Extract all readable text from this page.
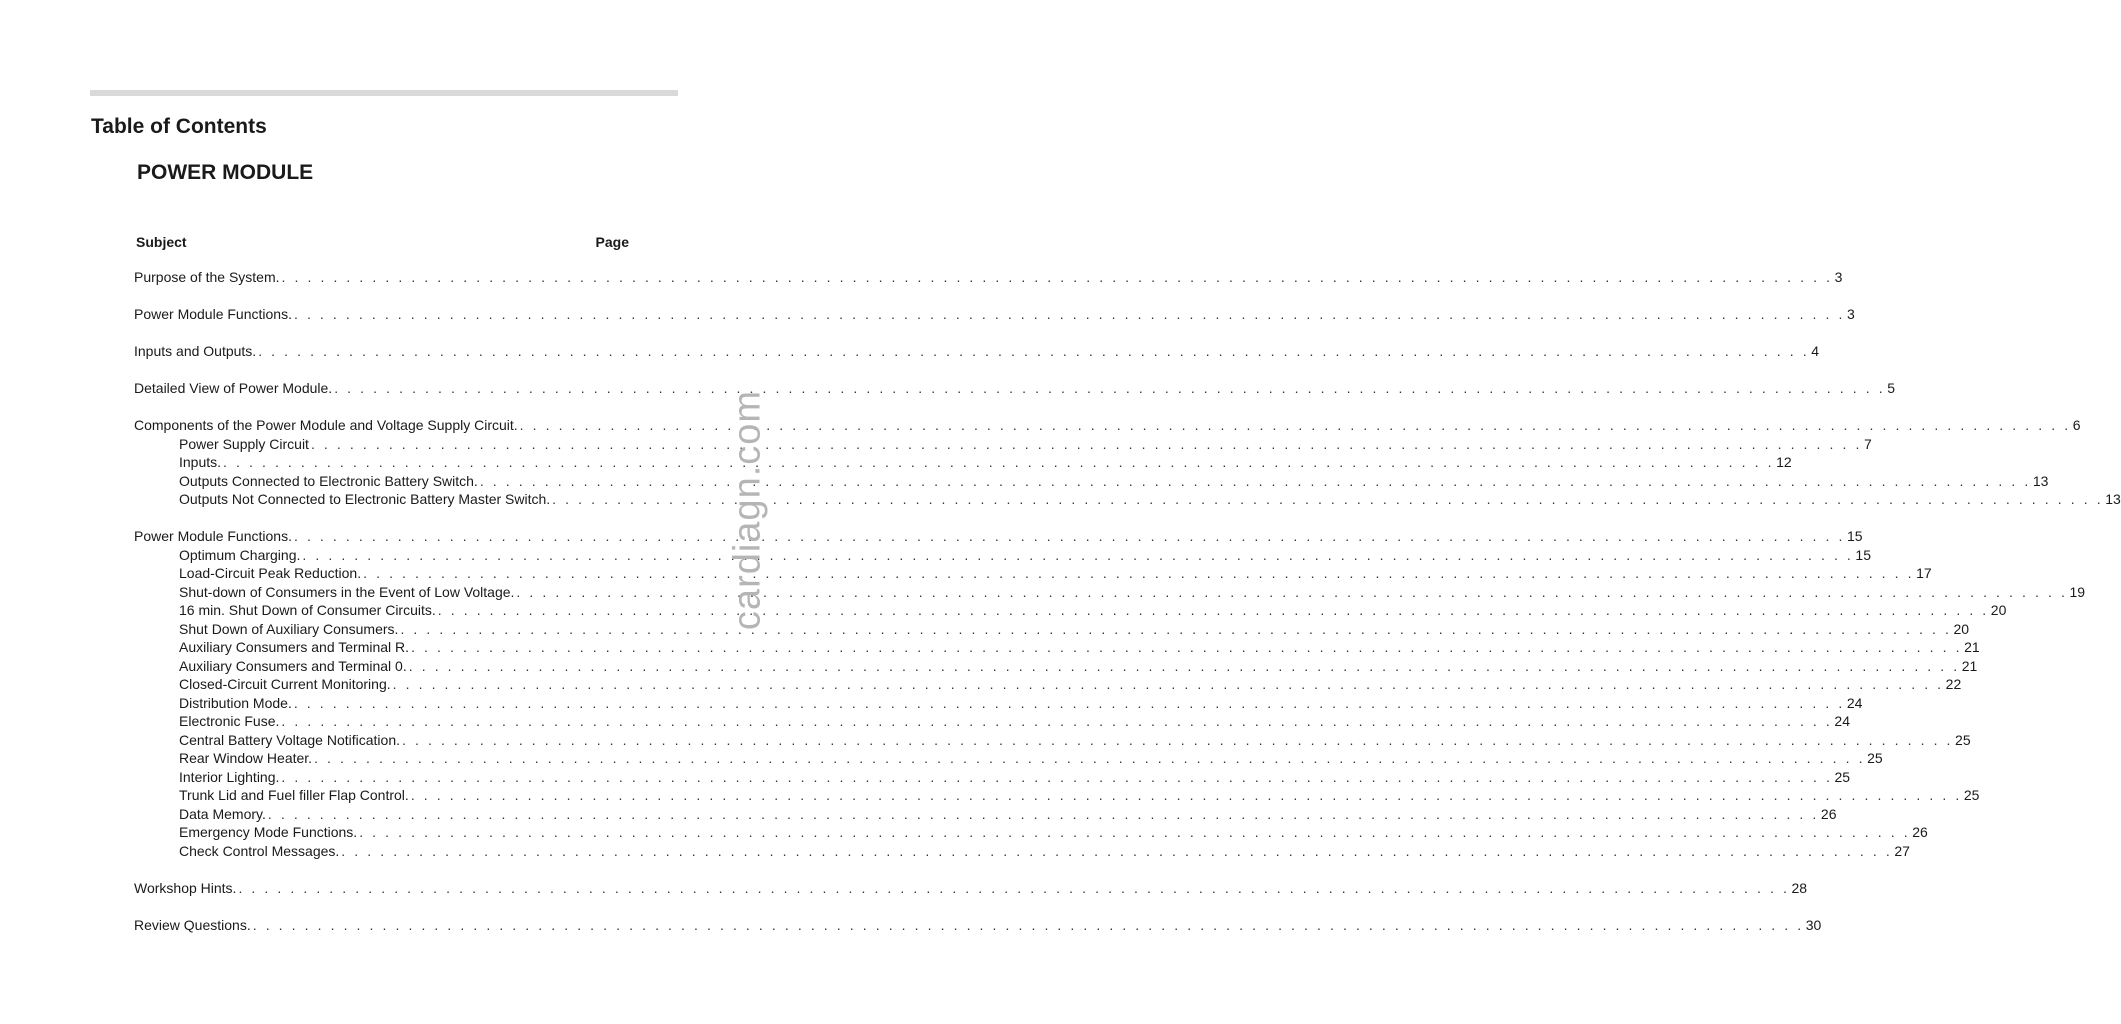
Table of Contents
POWER MODULE
Subject	Page
Purpose of the System. . . . . . . . . . . . . . . . . . . . . . . . . . . . . . . . . . . . . . . . . . . . . . . . . . . . . . . . . . . . . . . . . . . . . . . . . . . . . . . . . . . . . . . . . . . . . . . . . . . . . . . . . . . . . . . . . . . . . . . . . 3
Power Module Functions. . . . . . . . . . . . . . . . . . . . . . . . . . . . . . . . . . . . . . . . . . . . . . . . . . . . . . . . . . . . . . . . . . . . . . . . . . . . . . . . . . . . . . . . . . . . . . . . . . . . . . . . . . . . . . . . . . . . . . . . . 3
Inputs and Outputs. . . . . . . . . . . . . . . . . . . . . . . . . . . . . . . . . . . . . . . . . . . . . . . . . . . . . . . . . . . . . . . . . . . . . . . . . . . . . . . . . . . . . . . . . . . . . . . . . . . . . . . . . . . . . . . . . . . . . . . . . 4
Detailed View of Power Module. . . . . . . . . . . . . . . . . . . . . . . . . . . . . . . . . . . . . . . . . . . . . . . . . . . . . . . . . . . . . . . . . . . . . . . . . . . . . . . . . . . . . . . . . . . . . . . . . . . . . . . . . . . . . . . . . . . . . . . . . 5
Components of the Power Module and Voltage Supply Circuit. . . . . . . . . . . . . . . . . . . . . . . . . . . . . . . . . . . . . . . . . . . . . . . . . . . . . . . . . . . . . . . . . . . . . . . . . . . . . . . . . . . . . . . . . . . . . . . . . . . . . . . . . . . . . . . . . . . . . . . . . 6
Power Supply Circuit . . . . . . . . . . . . . . . . . . . . . . . . . . . . . . . . . . . . . . . . . . . . . . . . . . . . . . . . . . . . . . . . . . . . . . . . . . . . . . . . . . . . . . . . . . . . . . . . . . . . . . . . . . . . . . . . . . . . . . . . 7
Inputs. . . . . . . . . . . . . . . . . . . . . . . . . . . . . . . . . . . . . . . . . . . . . . . . . . . . . . . . . . . . . . . . . . . . . . . . . . . . . . . . . . . . . . . . . . . . . . . . . . . . . . . . . . . . . . . . . . . . . . . . . 12
Outputs Connected to Electronic Battery Switch. . . . . . . . . . . . . . . . . . . . . . . . . . . . . . . . . . . . . . . . . . . . . . . . . . . . . . . . . . . . . . . . . . . . . . . . . . . . . . . . . . . . . . . . . . . . . . . . . . . . . . . . . . . . . . . . . . . . . . . . . 13
Outputs Not Connected to Electronic Battery Master Switch. . . . . . . . . . . . . . . . . . . . . . . . . . . . . . . . . . . . . . . . . . . . . . . . . . . . . . . . . . . . . . . . . . . . . . . . . . . . . . . . . . . . . . . . . . . . . . . . . . . . . . . . . . . . . . . . . . . . . . . . . 13
Power Module Functions. . . . . . . . . . . . . . . . . . . . . . . . . . . . . . . . . . . . . . . . . . . . . . . . . . . . . . . . . . . . . . . . . . . . . . . . . . . . . . . . . . . . . . . . . . . . . . . . . . . . . . . . . . . . . . . . . . . . . . . . . 15
Optimum Charging. . . . . . . . . . . . . . . . . . . . . . . . . . . . . . . . . . . . . . . . . . . . . . . . . . . . . . . . . . . . . . . . . . . . . . . . . . . . . . . . . . . . . . . . . . . . . . . . . . . . . . . . . . . . . . . . . . . . . . . . . 15
Load-Circuit Peak Reduction. . . . . . . . . . . . . . . . . . . . . . . . . . . . . . . . . . . . . . . . . . . . . . . . . . . . . . . . . . . . . . . . . . . . . . . . . . . . . . . . . . . . . . . . . . . . . . . . . . . . . . . . . . . . . . . . . . . . . . . . . 17
Shut-down of Consumers in the Event of Low Voltage. . . . . . . . . . . . . . . . . . . . . . . . . . . . . . . . . . . . . . . . . . . . . . . . . . . . . . . . . . . . . . . . . . . . . . . . . . . . . . . . . . . . . . . . . . . . . . . . . . . . . . . . . . . . . . . . . . . . . . . . . 19
16 min. Shut Down of Consumer Circuits. . . . . . . . . . . . . . . . . . . . . . . . . . . . . . . . . . . . . . . . . . . . . . . . . . . . . . . . . . . . . . . . . . . . . . . . . . . . . . . . . . . . . . . . . . . . . . . . . . . . . . . . . . . . . . . . . . . . . . . . . 20
Shut Down of Auxiliary Consumers. . . . . . . . . . . . . . . . . . . . . . . . . . . . . . . . . . . . . . . . . . . . . . . . . . . . . . . . . . . . . . . . . . . . . . . . . . . . . . . . . . . . . . . . . . . . . . . . . . . . . . . . . . . . . . . . . . . . . . . . . 20
Auxiliary Consumers and Terminal R. . . . . . . . . . . . . . . . . . . . . . . . . . . . . . . . . . . . . . . . . . . . . . . . . . . . . . . . . . . . . . . . . . . . . . . . . . . . . . . . . . . . . . . . . . . . . . . . . . . . . . . . . . . . . . . . . . . . . . . . . 21
Auxiliary Consumers and Terminal 0. . . . . . . . . . . . . . . . . . . . . . . . . . . . . . . . . . . . . . . . . . . . . . . . . . . . . . . . . . . . . . . . . . . . . . . . . . . . . . . . . . . . . . . . . . . . . . . . . . . . . . . . . . . . . . . . . . . . . . . . . 21
Closed-Circuit Current Monitoring. . . . . . . . . . . . . . . . . . . . . . . . . . . . . . . . . . . . . . . . . . . . . . . . . . . . . . . . . . . . . . . . . . . . . . . . . . . . . . . . . . . . . . . . . . . . . . . . . . . . . . . . . . . . . . . . . . . . . . . . . 22
Distribution Mode. . . . . . . . . . . . . . . . . . . . . . . . . . . . . . . . . . . . . . . . . . . . . . . . . . . . . . . . . . . . . . . . . . . . . . . . . . . . . . . . . . . . . . . . . . . . . . . . . . . . . . . . . . . . . . . . . . . . . . . . . 24
Electronic Fuse. . . . . . . . . . . . . . . . . . . . . . . . . . . . . . . . . . . . . . . . . . . . . . . . . . . . . . . . . . . . . . . . . . . . . . . . . . . . . . . . . . . . . . . . . . . . . . . . . . . . . . . . . . . . . . . . . . . . . . . . . 24
Central Battery Voltage Notification. . . . . . . . . . . . . . . . . . . . . . . . . . . . . . . . . . . . . . . . . . . . . . . . . . . . . . . . . . . . . . . . . . . . . . . . . . . . . . . . . . . . . . . . . . . . . . . . . . . . . . . . . . . . . . . . . . . . . . . . . 25
Rear Window Heater. . . . . . . . . . . . . . . . . . . . . . . . . . . . . . . . . . . . . . . . . . . . . . . . . . . . . . . . . . . . . . . . . . . . . . . . . . . . . . . . . . . . . . . . . . . . . . . . . . . . . . . . . . . . . . . . . . . . . . . . . 25
Interior Lighting. . . . . . . . . . . . . . . . . . . . . . . . . . . . . . . . . . . . . . . . . . . . . . . . . . . . . . . . . . . . . . . . . . . . . . . . . . . . . . . . . . . . . . . . . . . . . . . . . . . . . . . . . . . . . . . . . . . . . . . . . 25
Trunk Lid and Fuel filler Flap Control. . . . . . . . . . . . . . . . . . . . . . . . . . . . . . . . . . . . . . . . . . . . . . . . . . . . . . . . . . . . . . . . . . . . . . . . . . . . . . . . . . . . . . . . . . . . . . . . . . . . . . . . . . . . . . . . . . . . . . . . . 25
Data Memory. . . . . . . . . . . . . . . . . . . . . . . . . . . . . . . . . . . . . . . . . . . . . . . . . . . . . . . . . . . . . . . . . . . . . . . . . . . . . . . . . . . . . . . . . . . . . . . . . . . . . . . . . . . . . . . . . . . . . . . . . 26
Emergency Mode Functions. . . . . . . . . . . . . . . . . . . . . . . . . . . . . . . . . . . . . . . . . . . . . . . . . . . . . . . . . . . . . . . . . . . . . . . . . . . . . . . . . . . . . . . . . . . . . . . . . . . . . . . . . . . . . . . . . . . . . . . . . 26
Check Control Messages. . . . . . . . . . . . . . . . . . . . . . . . . . . . . . . . . . . . . . . . . . . . . . . . . . . . . . . . . . . . . . . . . . . . . . . . . . . . . . . . . . . . . . . . . . . . . . . . . . . . . . . . . . . . . . . . . . . . . . . . . 27
Workshop Hints. . . . . . . . . . . . . . . . . . . . . . . . . . . . . . . . . . . . . . . . . . . . . . . . . . . . . . . . . . . . . . . . . . . . . . . . . . . . . . . . . . . . . . . . . . . . . . . . . . . . . . . . . . . . . . . . . . . . . . . . . 28
Review Questions. . . . . . . . . . . . . . . . . . . . . . . . . . . . . . . . . . . . . . . . . . . . . . . . . . . . . . . . . . . . . . . . . . . . . . . . . . . . . . . . . . . . . . . . . . . . . . . . . . . . . . . . . . . . . . . . . . . . . . . . . 30
cardiagn.com
